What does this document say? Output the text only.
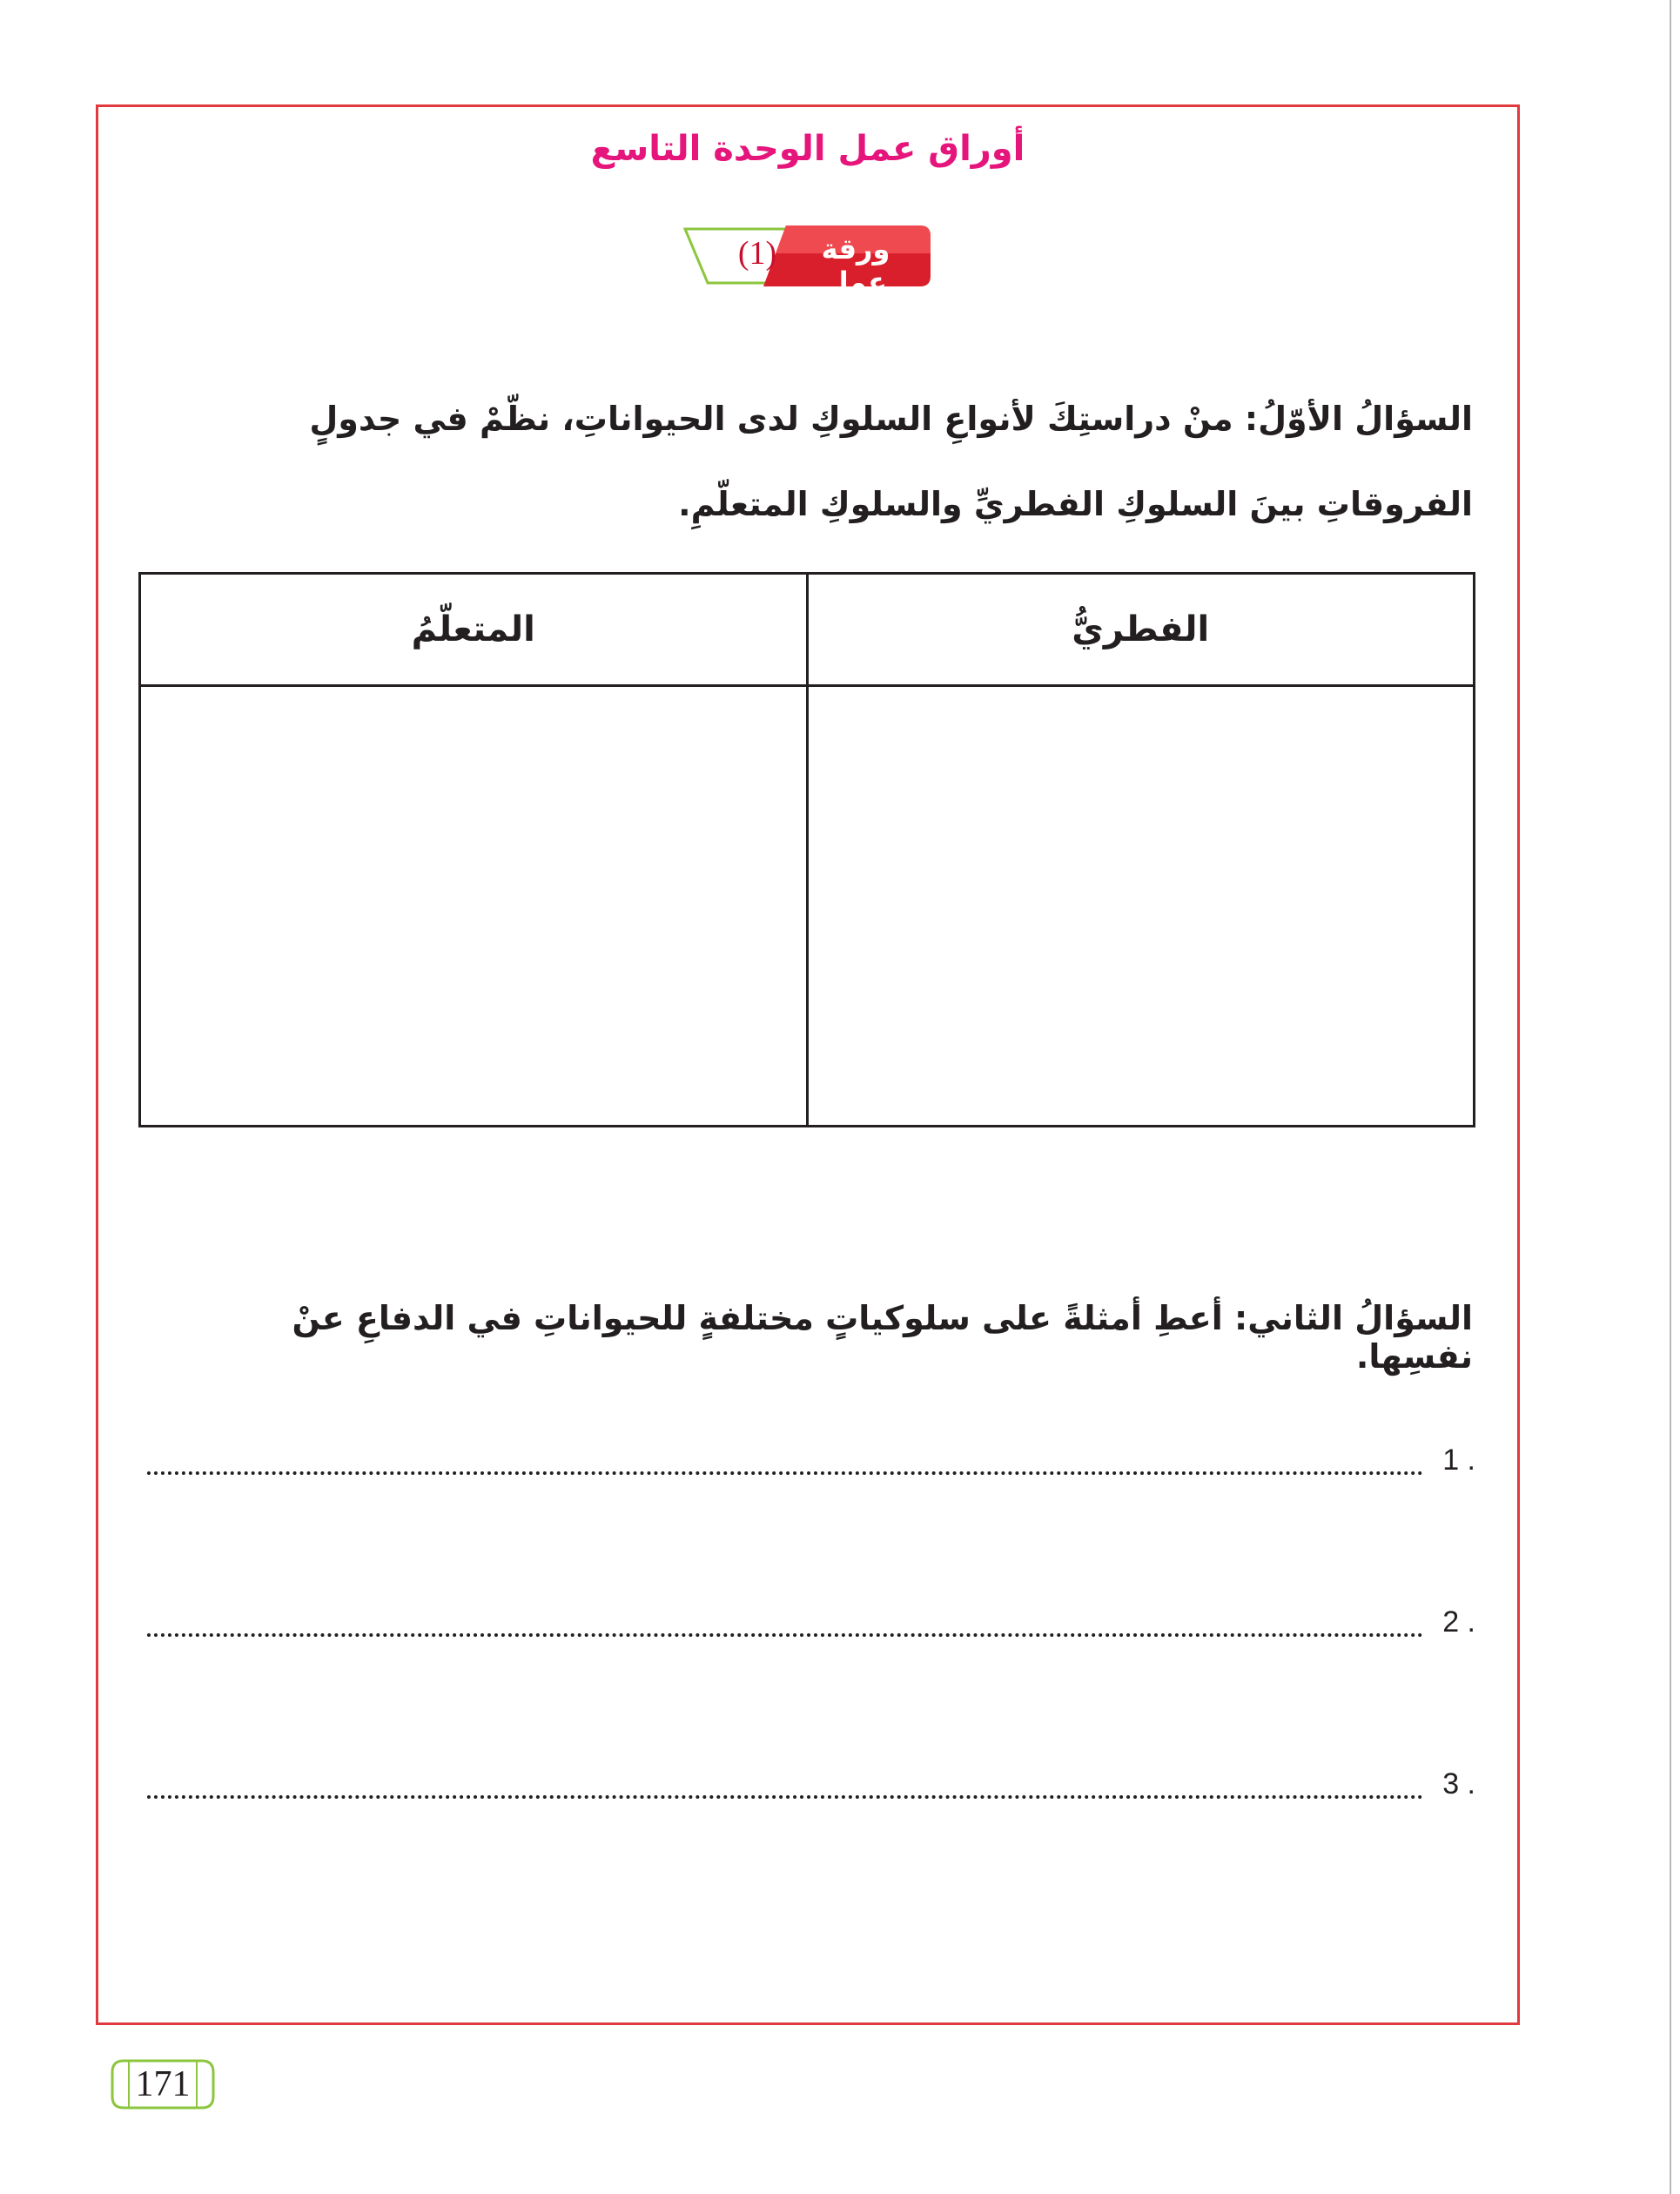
أوراق عمل الوحدة التاسع
(1)	ورقة عمل
السؤالُ الأوّلُ: منْ دراستِكَ لأنواعِ السلوكِ لدى الحيواناتِ، نظّمْ في جدولٍ الفروقاتِ بينَ السلوكِ الفطريِّ والسلوكِ المتعلّمِ.
الفطريُّ	المتعلّمُ

السؤالُ الثاني: أعطِ أمثلةً على سلوكياتٍ مختلفةٍ للحيواناتِ في الدفاعِ عنْ نفسِها.
1 .
2 .
3 .
171
